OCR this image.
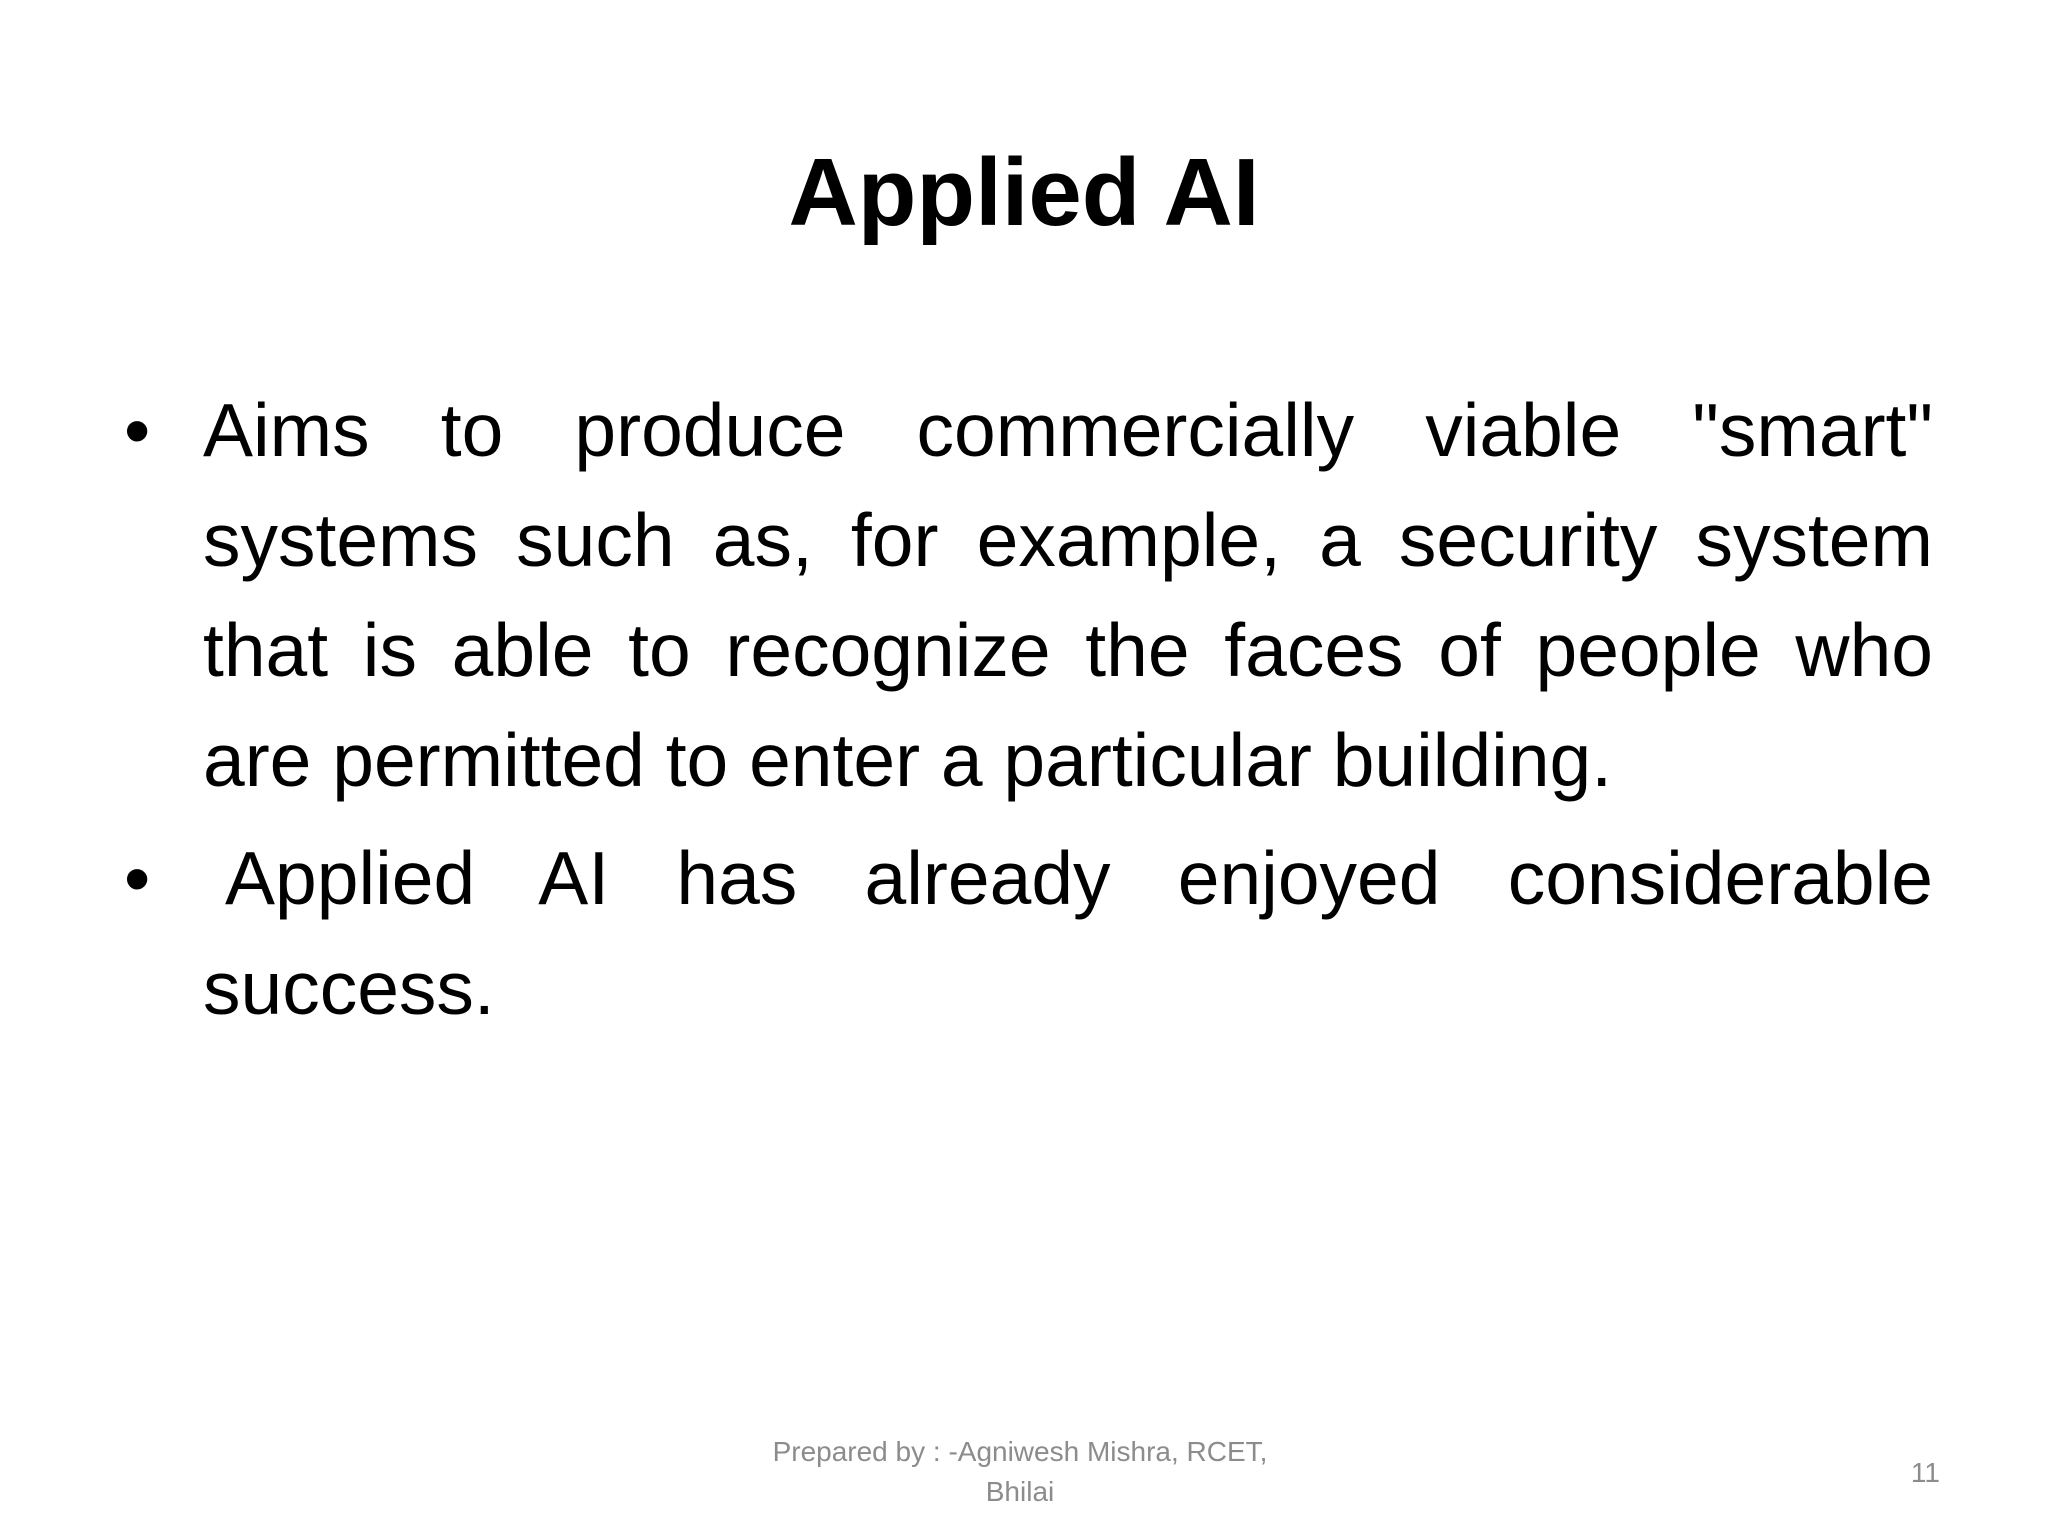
Applied AI
• Aims to produce commercially viable "smart" systems such as, for example, a security system that is able to recognize the faces of people who are permitted to enter a particular building.
• Applied AI has already enjoyed considerable success.
Prepared by : -Agniwesh Mishra, RCET, Bhilai
11
